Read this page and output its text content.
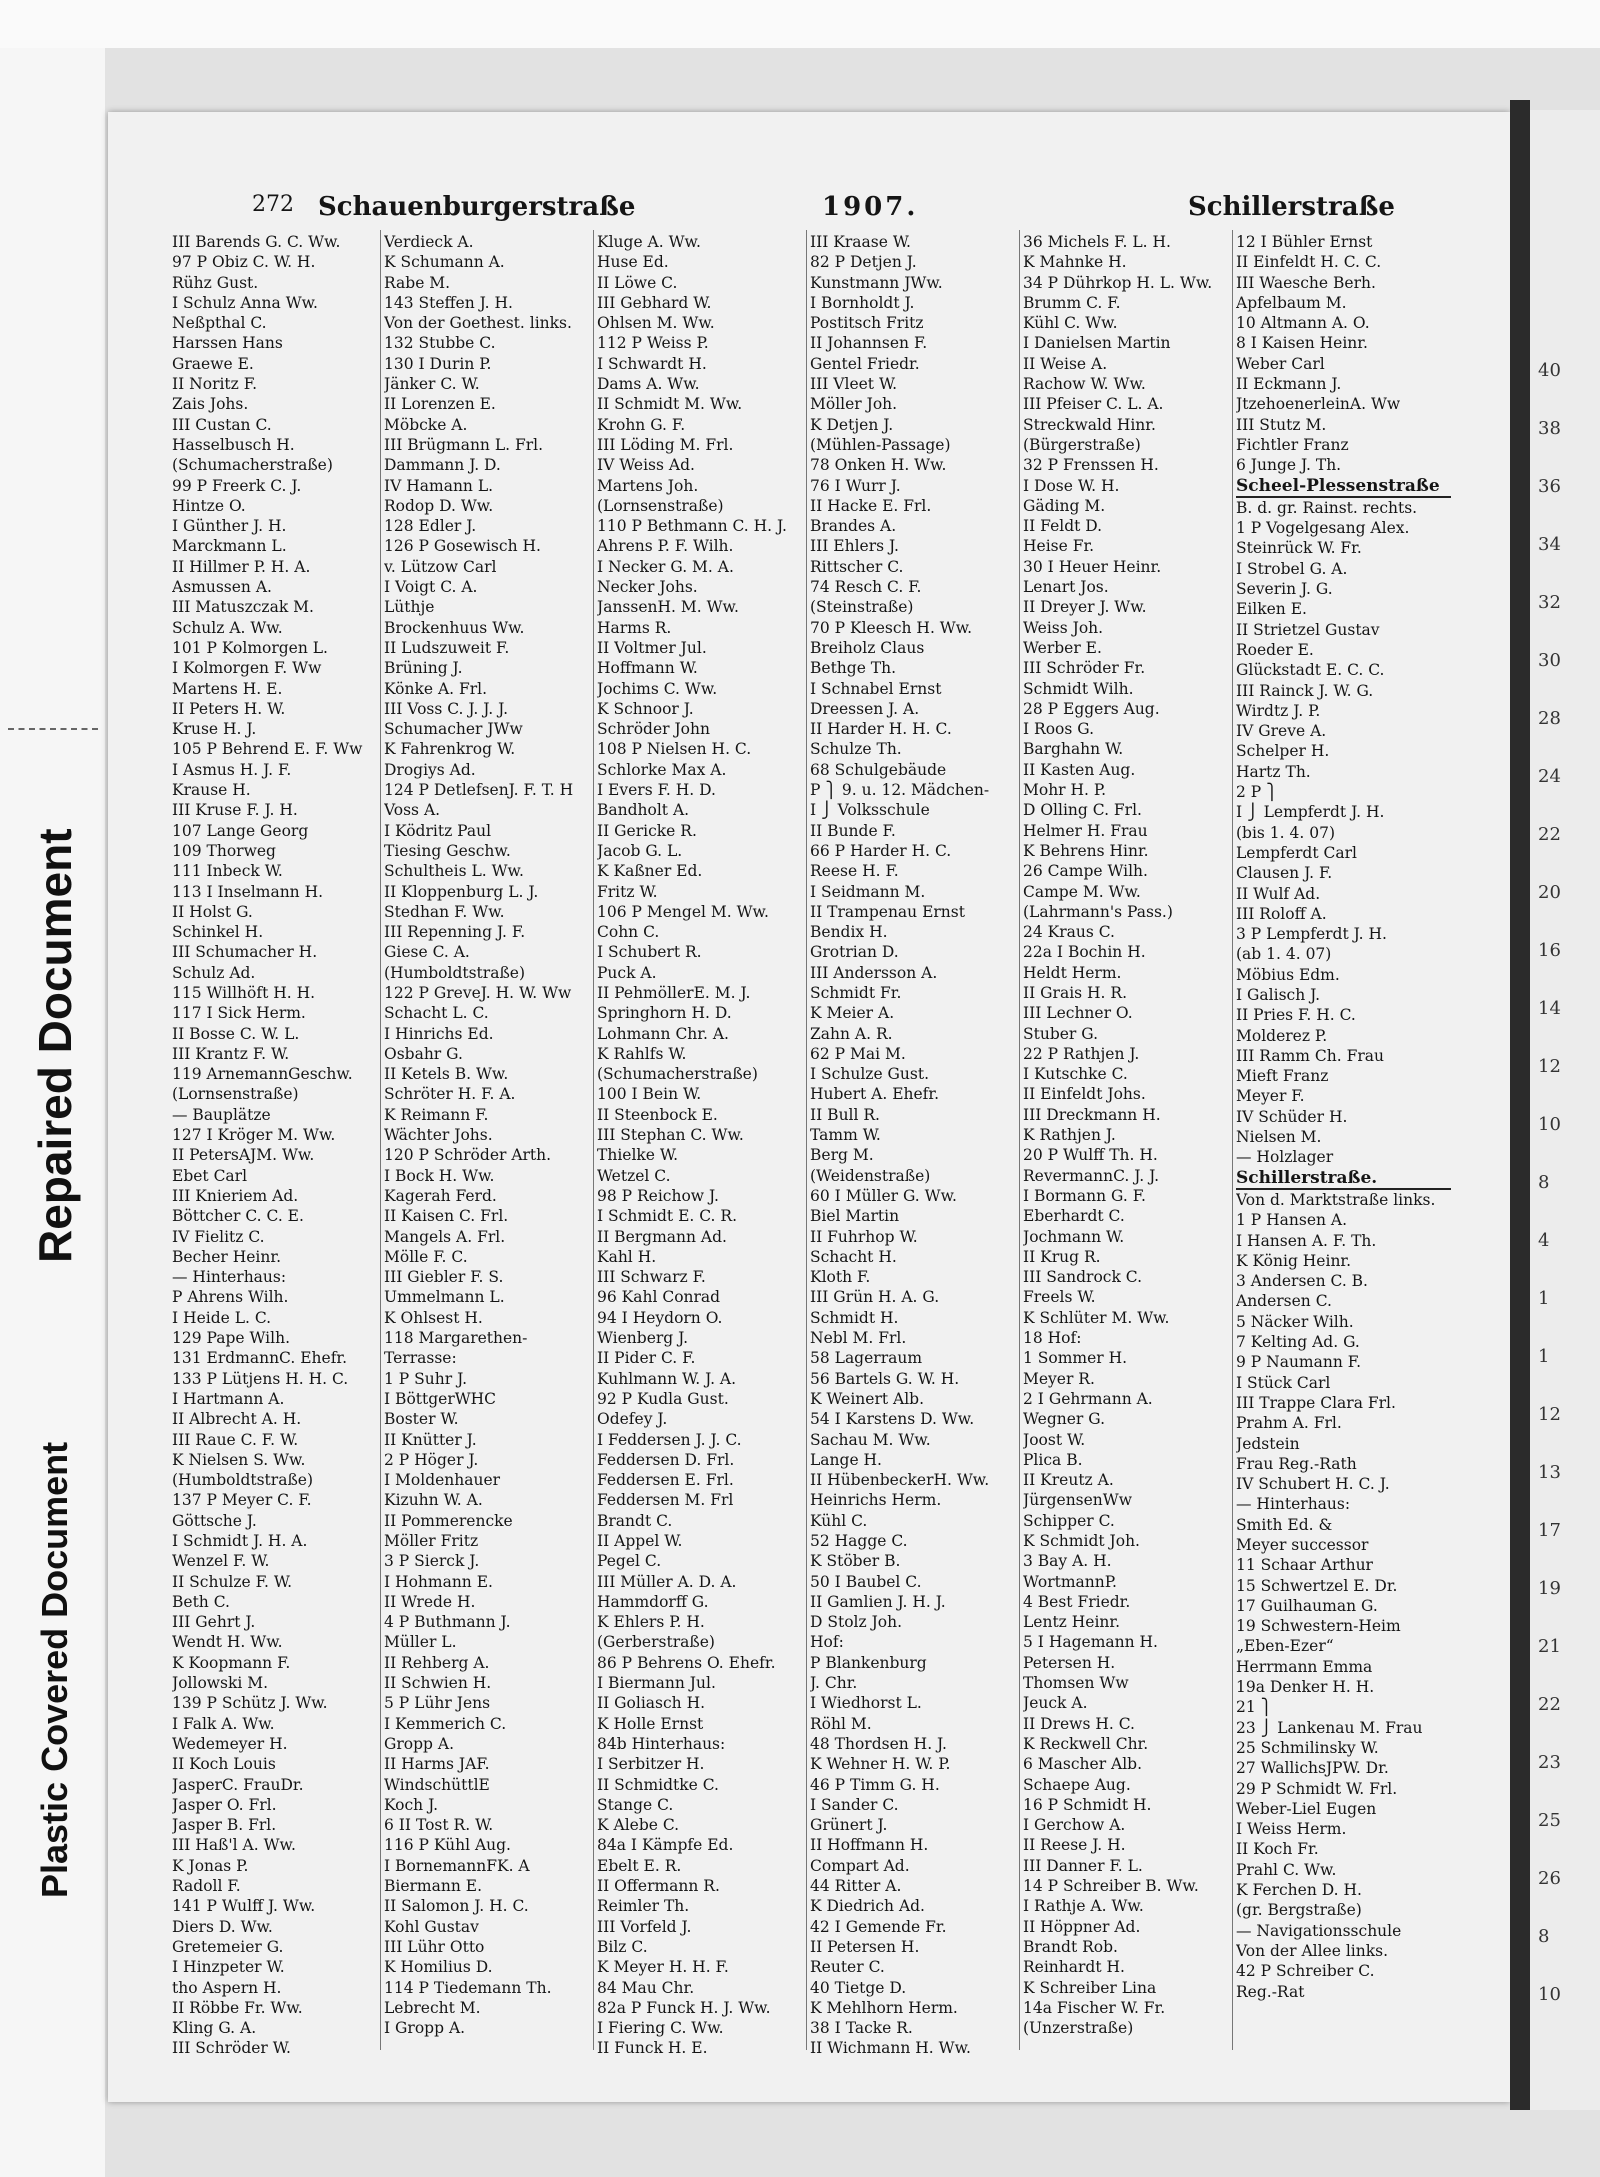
Repaired Document
Plastic Covered Document
272 Schauenburgerstraße	1907.	Schillerstraße
III Barends G. C. Ww.
97 P Obiz C. W. H.
Rühz Gust.
I Schulz Anna Ww.
Neßpthal C.
Harssen Hans
Graewe E.
II Noritz F.
Zais Johs.
III Custan C.
Hasselbusch H.
(Schumacherstraße)
99 P Freerk C. J.
Hintze O.
I Günther J. H.
Marckmann L.
II Hillmer P. H. A.
Asmussen A.
III Matuszczak M.
Schulz A. Ww.
101 P Kolmorgen L.
I Kolmorgen F. Ww
Martens H. E.
II Peters H. W.
Kruse H. J.
105 P Behrend E. F. Ww
I Asmus H. J. F.
Krause H.
III Kruse F. J. H.
107 Lange Georg
109 Thorweg
111 Inbeck W.
113 I Inselmann H.
II Holst G.
Schinkel H.
III Schumacher H.
Schulz Ad.
115 Willhöft H. H.
117 I Sick Herm.
II Bosse C. W. L.
III Krantz F. W.
119 ArnemannGeschw.
(Lornsenstraße)
— Bauplätze
127 I Kröger M. Ww.
II PetersAJM. Ww.
Ebet Carl
III Knieriem Ad.
Böttcher C. C. E.
IV Fielitz C.
Becher Heinr.
— Hinterhaus:
P Ahrens Wilh.
I Heide L. C.
129 Pape Wilh.
131 ErdmannC. Ehefr.
133 P Lütjens H. H. C.
I Hartmann A.
II Albrecht A. H.
III Raue C. F. W.
K Nielsen S. Ww.
(Humboldtstraße)
137 P Meyer C. F.
Göttsche J.
I Schmidt J. H. A.
Wenzel F. W.
II Schulze F. W.
Beth C.
III Gehrt J.
Wendt H. Ww.
K Koopmann F.
Jollowski M.
139 P Schütz J. Ww.
I Falk A. Ww.
Wedemeyer H.
II Koch Louis
JasperC. FrauDr.
Jasper O. Frl.
Jasper B. Frl.
III Haß'l A. Ww.
K Jonas P.
Radoll F.
141 P Wulff J. Ww.
Diers D. Ww.
Gretemeier G.
I Hinzpeter W.
tho Aspern H.
II Röbbe Fr. Ww.
Kling G. A.
III Schröder W.
Verdieck A.
K Schumann A.
Rabe M.
143 Steffen J. H.
Von der Goethest. links.
132 Stubbe C.
130 I Durin P.
Jänker C. W.
II Lorenzen E.
Möbcke A.
III Brügmann L. Frl.
Dammann J. D.
IV Hamann L.
Rodop D. Ww.
128 Edler J.
126 P Gosewisch H.
v. Lützow Carl
I Voigt C. A.
Lüthje
Brockenhuus Ww.
II Ludszuweit F.
Brüning J.
Könke A. Frl.
III Voss C. J. J. J.
Schumacher JWw
K Fahrenkrog W.
Drogiys Ad.
124 P DetlefsenJ. F. T. H
Voss A.
I Ködritz Paul
Tiesing Geschw.
Schultheis L. Ww.
II Kloppenburg L. J.
Stedhan F. Ww.
III Repenning J. F.
Giese C. A.
(Humboldtstraße)
122 P GreveJ. H. W. Ww
Schacht L. C.
I Hinrichs Ed.
Osbahr G.
II Ketels B. Ww.
Schröter H. F. A.
K Reimann F.
Wächter Johs.
120 P Schröder Arth.
I Bock H. Ww.
Kagerah Ferd.
II Kaisen C. Frl.
Mangels A. Frl.
Mölle F. C.
III Giebler F. S.
Ummelmann L.
K Ohlsest H.
118 Margarethen-
Terrasse:
1 P Suhr J.
I BöttgerWHC
Boster W.
II Knütter J.
2 P Höger J.
I Moldenhauer
Kizuhn W. A.
II Pommerencke
Möller Fritz
3 P Sierck J.
I Hohmann E.
II Wrede H.
4 P Buthmann J.
Müller L.
II Rehberg A.
II Schwien H.
5 P Lühr Jens
I Kemmerich C.
Gropp A.
II Harms JAF.
WindschüttlE
Koch J.
6 II Tost R. W.
116 P Kühl Aug.
I BornemannFK. A
Biermann E.
II Salomon J. H. C.
Kohl Gustav
III Lühr Otto
K Homilius D.
114 P Tiedemann Th.
Lebrecht M.
I Gropp A.
Kluge A. Ww.
Huse Ed.
II Löwe C.
III Gebhard W.
Ohlsen M. Ww.
112 P Weiss P.
I Schwardt H.
Dams A. Ww.
II Schmidt M. Ww.
Krohn G. F.
III Löding M. Frl.
IV Weiss Ad.
Martens Joh.
(Lornsenstraße)
110 P Bethmann C. H. J.
Ahrens P. F. Wilh.
I Necker G. M. A.
Necker Johs.
JanssenH. M. Ww.
Harms R.
II Voltmer Jul.
Hoffmann W.
Jochims C. Ww.
K Schnoor J.
Schröder John
108 P Nielsen H. C.
Schlorke Max A.
I Evers F. H. D.
Bandholt A.
II Gericke R.
Jacob G. L.
K Kaßner Ed.
Fritz W.
106 P Mengel M. Ww.
Cohn C.
I Schubert R.
Puck A.
II PehmöllerE. M. J.
Springhorn H. D.
Lohmann Chr. A.
K Rahlfs W.
(Schumacherstraße)
100 I Bein W.
II Steenbock E.
III Stephan C. Ww.
Thielke W.
Wetzel C.
98 P Reichow J.
I Schmidt E. C. R.
II Bergmann Ad.
Kahl H.
III Schwarz F.
96 Kahl Conrad
94 I Heydorn O.
Wienberg J.
II Pider C. F.
Kuhlmann W. J. A.
92 P Kudla Gust.
Odefey J.
I Feddersen J. J. C.
Feddersen D. Frl.
Feddersen E. Frl.
Feddersen M. Frl
Brandt C.
II Appel W.
Pegel C.
III Müller A. D. A.
Hammdorff G.
K Ehlers P. H.
(Gerberstraße)
86 P Behrens O. Ehefr.
I Biermann Jul.
II Goliasch H.
K Holle Ernst
84b Hinterhaus:
I Serbitzer H.
II Schmidtke C.
Stange C.
K Alebe C.
84a I Kämpfe Ed.
Ebelt E. R.
II Offermann R.
Reimler Th.
III Vorfeld J.
Bilz C.
K Meyer H. H. F.
84 Mau Chr.
82a P Funck H. J. Ww.
I Fiering C. Ww.
II Funck H. E.
III Kraase W.
82 P Detjen J.
Kunstmann JWw.
I Bornholdt J.
Postitsch Fritz
II Johannsen F.
Gentel Friedr.
III Vleet W.
Möller Joh.
K Detjen J.
(Mühlen-Passage)
78 Onken H. Ww.
76 I Wurr J.
II Hacke E. Frl.
Brandes A.
III Ehlers J.
Rittscher C.
74 Resch C. F.
(Steinstraße)
70 P Kleesch H. Ww.
Breiholz Claus
Bethge Th.
I Schnabel Ernst
Dreessen J. A.
II Harder H. H. C.
Schulze Th.
68 Schulgebäude
P ⎫ 9. u. 12. Mädchen-
I ⎭ Volksschule
II Bunde F.
66 P Harder H. C.
Reese H. F.
I Seidmann M.
II Trampenau Ernst
Bendix H.
Grotrian D.
III Andersson A.
Schmidt Fr.
K Meier A.
Zahn A. R.
62 P Mai M.
I Schulze Gust.
Hubert A. Ehefr.
II Bull R.
Tamm W.
Berg M.
(Weidenstraße)
60 I Müller G. Ww.
Biel Martin
II Fuhrhop W.
Schacht H.
Kloth F.
III Grün H. A. G.
Schmidt H.
Nebl M. Frl.
58 Lagerraum
56 Bartels G. W. H.
K Weinert Alb.
54 I Karstens D. Ww.
Sachau M. Ww.
Lange H.
II HübenbeckerH. Ww.
Heinrichs Herm.
Kühl C.
52 Hagge C.
K Stöber B.
50 I Baubel C.
II Gamlien J. H. J.
D Stolz Joh.
Hof:
P Blankenburg
J. Chr.
I Wiedhorst L.
Röhl M.
48 Thordsen H. J.
K Wehner H. W. P.
46 P Timm G. H.
I Sander C.
Grünert J.
II Hoffmann H.
Compart Ad.
44 Ritter A.
K Diedrich Ad.
42 I Gemende Fr.
II Petersen H.
Reuter C.
40 Tietge D.
K Mehlhorn Herm.
38 I Tacke R.
II Wichmann H. Ww.
36 Michels F. L. H.
K Mahnke H.
34 P Dührkop H. L. Ww.
Brumm C. F.
Kühl C. Ww.
I Danielsen Martin
II Weise A.
Rachow W. Ww.
III Pfeiser C. L. A.
Streckwald Hinr.
(Bürgerstraße)
32 P Frenssen H.
I Dose W. H.
Gäding M.
II Feldt D.
Heise Fr.
30 I Heuer Heinr.
Lenart Jos.
II Dreyer J. Ww.
Weiss Joh.
Werber E.
III Schröder Fr.
Schmidt Wilh.
28 P Eggers Aug.
I Roos G.
Barghahn W.
II Kasten Aug.
Mohr H. P.
D Olling C. Frl.
Helmer H. Frau
K Behrens Hinr.
26 Campe Wilh.
Campe M. Ww.
(Lahrmann's Pass.)
24 Kraus C.
22a I Bochin H.
Heldt Herm.
II Grais H. R.
III Lechner O.
Stuber G.
22 P Rathjen J.
I Kutschke C.
II Einfeldt Johs.
III Dreckmann H.
K Rathjen J.
20 P Wulff Th. H.
RevermannC. J. J.
I Bormann G. F.
Eberhardt C.
Jochmann W.
II Krug R.
III Sandrock C.
Freels W.
K Schlüter M. Ww.
18 Hof:
1 Sommer H.
Meyer R.
2 I Gehrmann A.
Wegner G.
Joost W.
Plica B.
II Kreutz A.
JürgensenWw
Schipper C.
K Schmidt Joh.
3 Bay A. H.
WortmannP.
4 Best Friedr.
Lentz Heinr.
5 I Hagemann H.
Petersen H.
Thomsen Ww
Jeuck A.
II Drews H. C.
K Reckwell Chr.
6 Mascher Alb.
Schaepe Aug.
16 P Schmidt H.
I Gerchow A.
II Reese J. H.
III Danner F. L.
14 P Schreiber B. Ww.
I Rathje A. Ww.
II Höppner Ad.
Brandt Rob.
Reinhardt H.
K Schreiber Lina
14a Fischer W. Fr.
(Unzerstraße)
12 I Bühler Ernst
II Einfeldt H. C. C.
III Waesche Berh.
Apfelbaum M.
10 Altmann A. O.
8 I Kaisen Heinr.
Weber Carl
II Eckmann J.
JtzehoenerleinA. Ww
III Stutz M.
Fichtler Franz
6 Junge J. Th.
Scheel-Plessenstraße
B. d. gr. Rainst. rechts.
1 P Vogelgesang Alex.
Steinrück W. Fr.
I Strobel G. A.
Severin J. G.
Eilken E.
II Strietzel Gustav
Roeder E.
Glückstadt E. C. C.
III Rainck J. W. G.
Wirdtz J. P.
IV Greve A.
Schelper H.
Hartz Th.
2 P ⎫
I ⎭ Lempferdt J. H.
(bis 1. 4. 07)
Lempferdt Carl
Clausen J. F.
II Wulf Ad.
III Roloff A.
3 P Lempferdt J. H.
(ab 1. 4. 07)
Möbius Edm.
I Galisch J.
II Pries F. H. C.
Molderez P.
III Ramm Ch. Frau
Mieft Franz
Meyer F.
IV Schüder H.
Nielsen M.
— Holzlager
Schillerstraße.
Von d. Marktstraße links.
1 P Hansen A.
I Hansen A. F. Th.
K König Heinr.
3 Andersen C. B.
Andersen C.
5 Näcker Wilh.
7 Kelting Ad. G.
9 P Naumann F.
I Stück Carl
III Trappe Clara Frl.
Prahm A. Frl.
Jedstein
Frau Reg.-Rath
IV Schubert H. C. J.
— Hinterhaus:
Smith Ed. &
Meyer successor
11 Schaar Arthur
15 Schwertzel E. Dr.
17 Guilhauman G.
19 Schwestern-Heim
„Eben-Ezer“
Herrmann Emma
19a Denker H. H.
21 ⎫
23 ⎭ Lankenau M. Frau
25 Schmilinsky W.
27 WallichsJPW. Dr.
29 P Schmidt W. Frl.
Weber-Liel Eugen
I Weiss Herm.
II Koch Fr.
Prahl C. Ww.
K Ferchen D. H.
(gr. Bergstraße)
— Navigationsschule
Von der Allee links.
42 P Schreiber C.
Reg.-Rat
40
38
36
34
32
30
28
24
22
20
16
14
12
10
8
4
1
1
12
13
17
19
21
22
23
25
26
8
10
